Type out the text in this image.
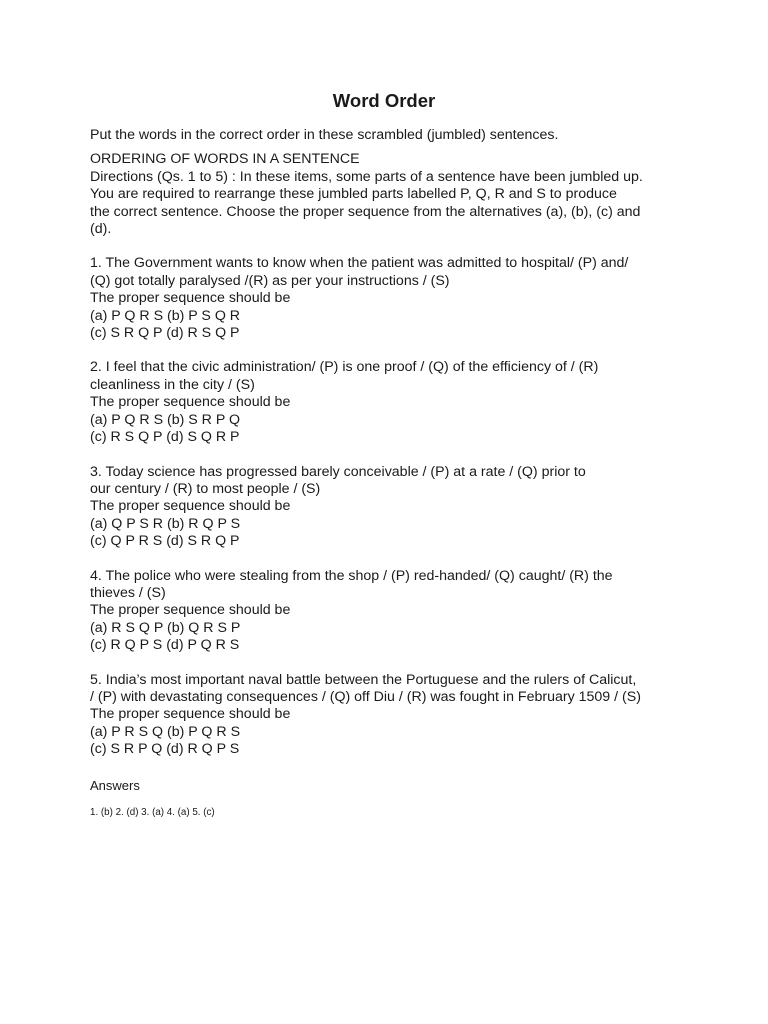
Word Order

Put the words in the correct order in these scrambled (jumbled) sentences.

ORDERING OF WORDS IN A SENTENCE

Directions (Qs. 1 to 5) : In these items, some parts of a sentence have been jumbled up.
You are required to rearrange these jumbled parts labelled P, Q, R and S to produce
the correct sentence. Choose the proper sequence from the alternatives (a), (b), (c) and
(d).

1. The Government wants to know when the patient was admitted to hospital/ (P) and/
(Q) got totally paralysed /(R) as per your instructions / (S)
The proper sequence should be
(a) P Q R S (b) P S Q R
(c) S R Q P (d) R S Q P
2. I feel that the civic administration/ (P) is one proof / (Q) of the efficiency of / (R)
cleanliness in the city / (S)
The proper sequence should be
(a) P Q R S (b) S R P Q
(c) R S Q P (d) S Q R P
3. Today science has progressed barely conceivable / (P) at a rate / (Q) prior to
our century / (R) to most people / (S)
The proper sequence should be
(a) Q P S R (b) R Q P S
(c) Q P R S (d) S R Q P
4. The police who were stealing from the shop / (P) red-handed/ (Q) caught/ (R) the
thieves / (S)
The proper sequence should be
(a) R S Q P (b) Q R S P
(c) R Q P S (d) P Q R S
5. India’s most important naval battle between the Portuguese and the rulers of Calicut,
/ (P) with devastating consequences / (Q) off Diu / (R) was fought in February 1509 / (S)
The proper sequence should be
(a) P R S Q (b) P Q R S
(c) S R P Q (d) R Q P S

Answers

1. (b) 2. (d) 3. (a) 4. (a) 5. (c)
